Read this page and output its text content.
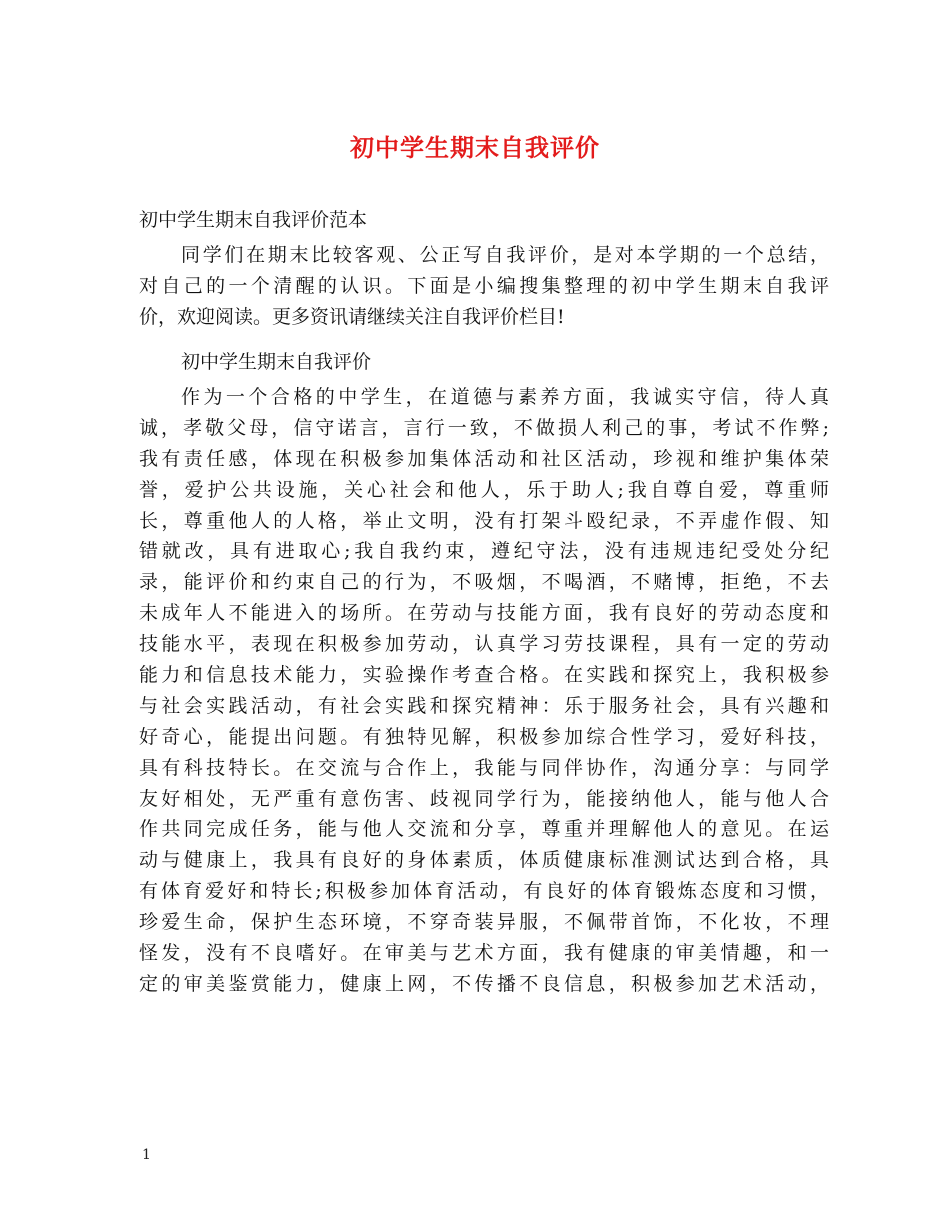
初中学生期末自我评价
初中学生期末自我评价范本
同学们在期末比较客观、公正写自我评价，是对本学期的一个总结，
对自己的一个清醒的认识。下面是小编搜集整理的初中学生期末自我评
价，欢迎阅读。更多资讯请继续关注自我评价栏目!
初中学生期末自我评价
作为一个合格的中学生，在道德与素养方面，我诚实守信，待人真
诚，孝敬父母，信守诺言，言行一致，不做损人利己的事，考试不作弊;
我有责任感，体现在积极参加集体活动和社区活动，珍视和维护集体荣
誉，爱护公共设施，关心社会和他人，乐于助人;我自尊自爱，尊重师
长，尊重他人的人格，举止文明，没有打架斗殴纪录，不弄虚作假、知
错就改，具有进取心;我自我约束，遵纪守法，没有违规违纪受处分纪
录，能评价和约束自己的行为，不吸烟，不喝酒，不赌博，拒绝，不去
未成年人不能进入的场所。在劳动与技能方面，我有良好的劳动态度和
技能水平，表现在积极参加劳动，认真学习劳技课程，具有一定的劳动
能力和信息技术能力，实验操作考查合格。在实践和探究上，我积极参
与社会实践活动，有社会实践和探究精神：乐于服务社会，具有兴趣和
好奇心，能提出问题。有独特见解，积极参加综合性学习，爱好科技，
具有科技特长。在交流与合作上，我能与同伴协作，沟通分享：与同学
友好相处，无严重有意伤害、歧视同学行为，能接纳他人，能与他人合
作共同完成任务，能与他人交流和分享，尊重并理解他人的意见。在运
动与健康上，我具有良好的身体素质，体质健康标准测试达到合格，具
有体育爱好和特长;积极参加体育活动，有良好的体育锻炼态度和习惯，
珍爱生命，保护生态环境，不穿奇装异服，不佩带首饰，不化妆，不理
怪发，没有不良嗜好。在审美与艺术方面，我有健康的审美情趣，和一
定的审美鉴赏能力，健康上网，不传播不良信息，积极参加艺术活动，
1
